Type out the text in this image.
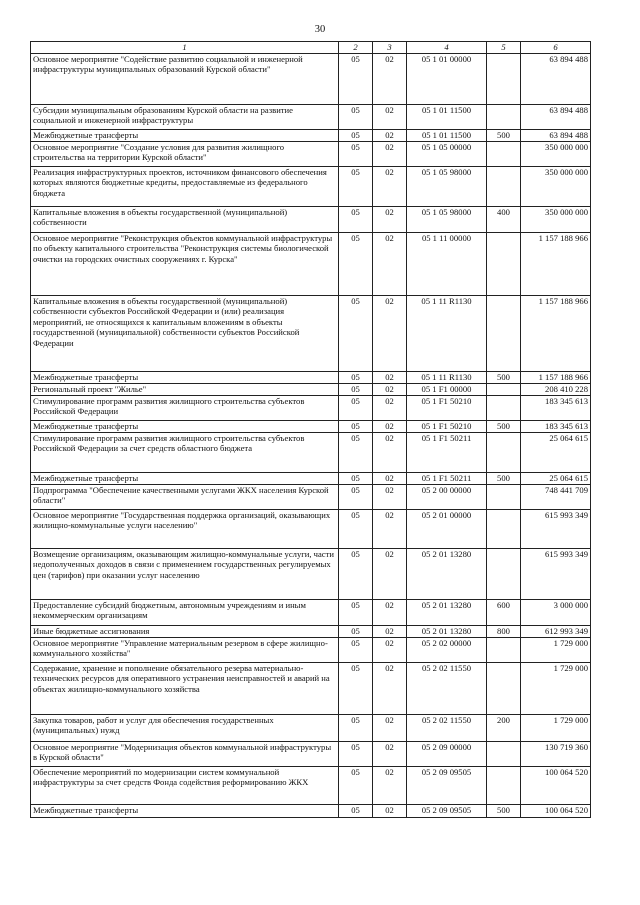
30
1	2	3	4	5	6
Основное мероприятие "Содействие развитию социальной и инженерной инфраструктуры муниципальных образований Курской области"	05	02	05 1 01 00000		63 894 488
Субсидии муниципальным образованиям Курской области на развитие социальной и инженерной инфраструктуры	05	02	05 1 01 11500		63 894 488
Межбюджетные трансферты	05	02	05 1 01 11500	500	63 894 488
Основное мероприятие "Создание условия для развития жилищного строительства на территории Курской области"	05	02	05 1 05 00000		350 000 000
Реализация инфраструктурных проектов, источником финансового обеспечения которых являются бюджетные кредиты, предоставляемые из федерального бюджета	05	02	05 1 05 98000		350 000 000
Капитальные вложения в объекты государственной (муниципальной) собственности	05	02	05 1 05 98000	400	350 000 000
Основное мероприятие "Реконструкция объектов коммунальной инфраструктуры по объекту капитального строительства "Реконструкция системы биологической очистки на городских очистных сооружениях г. Курска"	05	02	05 1 11 00000		1 157 188 966
Капитальные вложения в объекты государственной (муниципальной) собственности субъектов Российской Федерации и (или) реализация мероприятий, не относящихся к капитальным вложениям в объекты государственной (муниципальной) собственности субъектов Российской Федерации	05	02	05 1 11 R1130		1 157 188 966
Межбюджетные трансферты	05	02	05 1 11 R1130	500	1 157 188 966
Региональный проект "Жилье"	05	02	05 1 F1 00000		208 410 228
Стимулирование программ развития жилищного строительства субъектов Российской Федерации	05	02	05 1 F1 50210		183 345 613
Межбюджетные трансферты	05	02	05 1 F1 50210	500	183 345 613
Стимулирование программ развития жилищного строительства субъектов Российской Федерации за счет средств областного бюджета	05	02	05 1 F1 50211		25 064 615
Межбюджетные трансферты	05	02	05 1 F1 50211	500	25 064 615
Подпрограмма "Обеспечение качественными услугами ЖКХ населения Курской области"	05	02	05 2 00 00000		748 441 709
Основное мероприятие "Государственная поддержка организаций, оказывающих жилищно-коммунальные услуги населению"	05	02	05 2 01 00000		615 993 349
Возмещение организациям, оказывающим жилищно-коммунальные услуги, части недополученных доходов в связи с применением государственных регулируемых цен (тарифов) при оказании услуг населению	05	02	05 2 01 13280		615 993 349
Предоставление субсидий бюджетным, автономным учреждениям и иным некоммерческим организациям	05	02	05 2 01 13280	600	3 000 000
Иные бюджетные ассигнования	05	02	05 2 01 13280	800	612 993 349
Основное мероприятие "Управление материальным резервом в сфере жилищно-коммунального хозяйства"	05	02	05 2 02 00000		1 729 000
Содержание, хранение и пополнение обязательного резерва материально-технических ресурсов для оперативного устранения неисправностей и аварий на объектах жилищно-коммунального хозяйства	05	02	05 2 02 11550		1 729 000
Закупка товаров, работ и услуг для обеспечения государственных (муниципальных) нужд	05	02	05 2 02 11550	200	1 729 000
Основное мероприятие "Модернизация объектов коммунальной инфраструктуры в Курской области"	05	02	05 2 09 00000		130 719 360
Обеспечение мероприятий по модернизации систем коммунальной инфраструктуры за счет средств Фонда содействия реформированию ЖКХ	05	02	05 2 09 09505		100 064 520
Межбюджетные трансферты	05	02	05 2 09 09505	500	100 064 520
